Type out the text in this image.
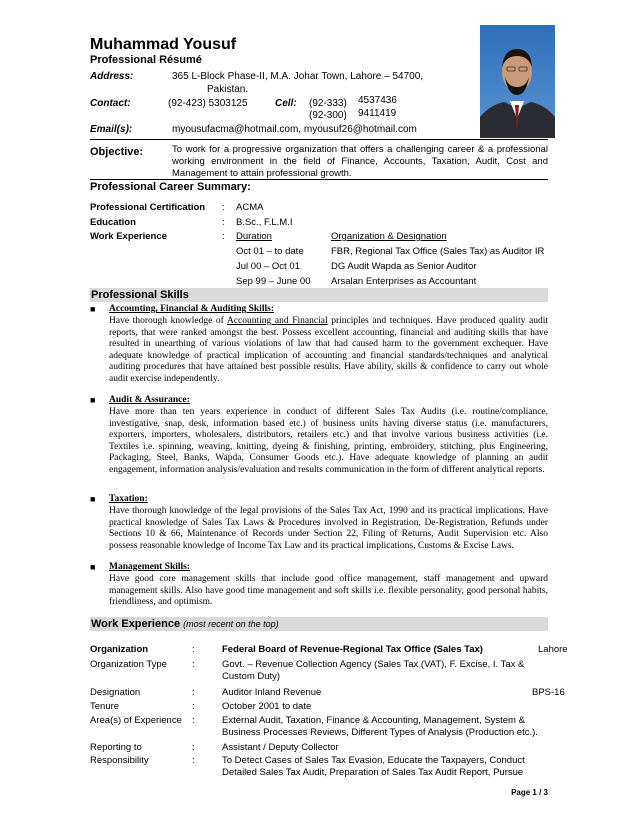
Muhammad Yousuf
Professional Résumé
Address:	365 L-Block Phase-II, M.A. Johar Town, Lahore – 54700,
Pakistan.
Contact:	(92-423) 5303125	Cell: (92-333) 4537436
(92-300) 9411419
Email(s):	myousufacma@hotmail.com, myousuf26@hotmail.com
Objective:	To work for a progressive organization that offers a challenging career & a professional working environment in the field of Finance, Accounts, Taxation, Audit, Cost and Management to attain professional growth.
Professional Career Summary:
Professional Certification : ACMA
Education	: B.Sc., F.L.M.I
Work Experience	: Duration	Organization & Designation
Oct 01 – to date	FBR, Regional Tax Office (Sales Tax) as Auditor IR
Jul 00 – Oct 01	DG Audit Wapda as Senior Auditor
Sep 99 – June 00 Arsalan Enterprises as Accountant
Professional Skills
■ Accounting, Financial & Auditing Skills:
Have thorough knowledge of Accounting and Financial principles and techniques. Have produced quality audit reports, that were ranked amongst the best. Possess excellent accounting, financial and auditing skills that have resulted in unearthing of various violations of law that had caused harm to the government exchequer. Have adequate knowledge of practical implication of accounting and financial standards/techniques and analytical auditing procedures that have attained best possible results. Have ability, skills & confidence to carry out whole audit exercise independently.
■ Audit & Assurance:
Have more than ten years experience in conduct of different Sales Tax Audits (i.e. routine/compliance, investigative, snap, desk, information based etc.) of business units having diverse status (i.e. manufacturers, exporters, importers, wholesalers, distributors, retailers etc.) and that involve various business activities (i.e. Textiles i.e. spinning, weaving, knitting, dyeing & finishing, printing, embroidery, stitching, plus Engineering, Packaging, Steel, Banks, Wapda, Consumer Goods etc.). Have adequate knowledge of planning an audit engagement, information analysis/evaluation and results communication in the form of different analytical reports.
■ Taxation:
Have thorough knowledge of the legal provisions of the Sales Tax Act, 1990 and its practical implications. Have practical knowledge of Sales Tax Laws & Procedures involved in Registration, De-Registration, Refunds under Sections 10 & 66, Maintenance of Records under Section 22, Filing of Returns, Audit Supervision etc. Also possess reasonable knowledge of Income Tax Law and its practical implications, Customs & Excise Laws.
■ Management Skills:
Have good core management skills that include good office management, staff management and upward management skills. Also have good time management and soft skills i.e. flexible personality, good personal habits, friendliness, and optimism.
Work Experience (most recent on the top)
Organization	:	Federal Board of Revenue-Regional Tax Office (Sales Tax)	Lahore
Organization Type	:	Govt. – Revenue Collection Agency (Sales Tax (VAT), F. Excise, I. Tax & Custom Duty)
Designation	:	Auditor Inland Revenue	BPS-16
Tenure	:	October 2001 to date
Area(s) of Experience :	External Audit, Taxation, Finance & Accounting, Management, System & Business Processes Reviews, Different Types of Analysis (Production etc.).
Reporting to	:	Assistant / Deputy Collector
Responsibility	:	To Detect Cases of Sales Tax Evasion, Educate the Taxpayers, Conduct Detailed Sales Tax Audit, Preparation of Sales Tax Audit Report, Pursue
Page 1 / 3
